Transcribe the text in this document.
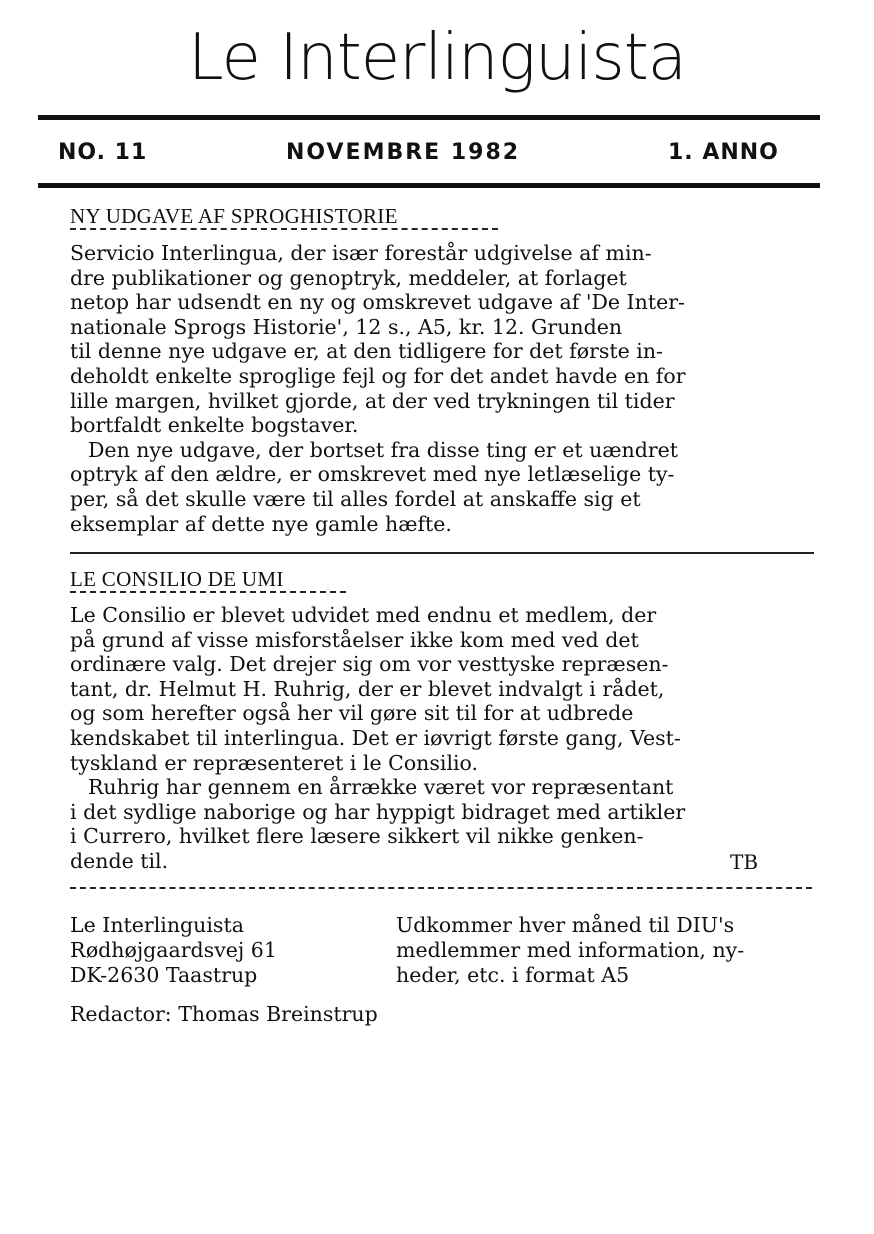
Le Interlinguista
NO. 11	NOVEMBRE 1982	1. ANNO
NY UDGAVE AF SPROGHISTORIE
Servicio Interlingua, der især forestår udgivelse af min-
dre publikationer og genoptryk, meddeler, at forlaget
netop har udsendt en ny og omskrevet udgave af 'De Inter-
nationale Sprogs Historie', 12 s., A5, kr. 12. Grunden
til denne nye udgave er, at den tidligere for det første in-
deholdt enkelte sproglige fejl og for det andet havde en for
lille margen, hvilket gjorde, at der ved trykningen til tider
bortfaldt enkelte bogstaver.
Den nye udgave, der bortset fra disse ting er et uændret
optryk af den ældre, er omskrevet med nye letlæselige ty-
per, så det skulle være til alles fordel at anskaffe sig et
eksemplar af dette nye gamle hæfte.
LE CONSILIO DE UMI
Le Consilio er blevet udvidet med endnu et medlem, der
på grund af visse misforståelser ikke kom med ved det
ordinære valg. Det drejer sig om vor vesttyske repræsen-
tant, dr. Helmut H. Ruhrig, der er blevet indvalgt i rådet,
og som herefter også her vil gøre sit til for at udbrede
kendskabet til interlingua. Det er iøvrigt første gang, Vest-
tyskland er repræsenteret i le Consilio.
Ruhrig har gennem en årrække været vor repræsentant
i det sydlige naborige og har hyppigt bidraget med artikler
i Currero, hvilket flere læsere sikkert vil nikke genken-
dende til.	TB
Le Interlinguista
Rødhøjgaardsvej 61
DK-2630 Taastrup
Udkommer hver måned til DIU's
medlemmer med information, ny-
heder, etc. i format A5
Redactor: Thomas Breinstrup
